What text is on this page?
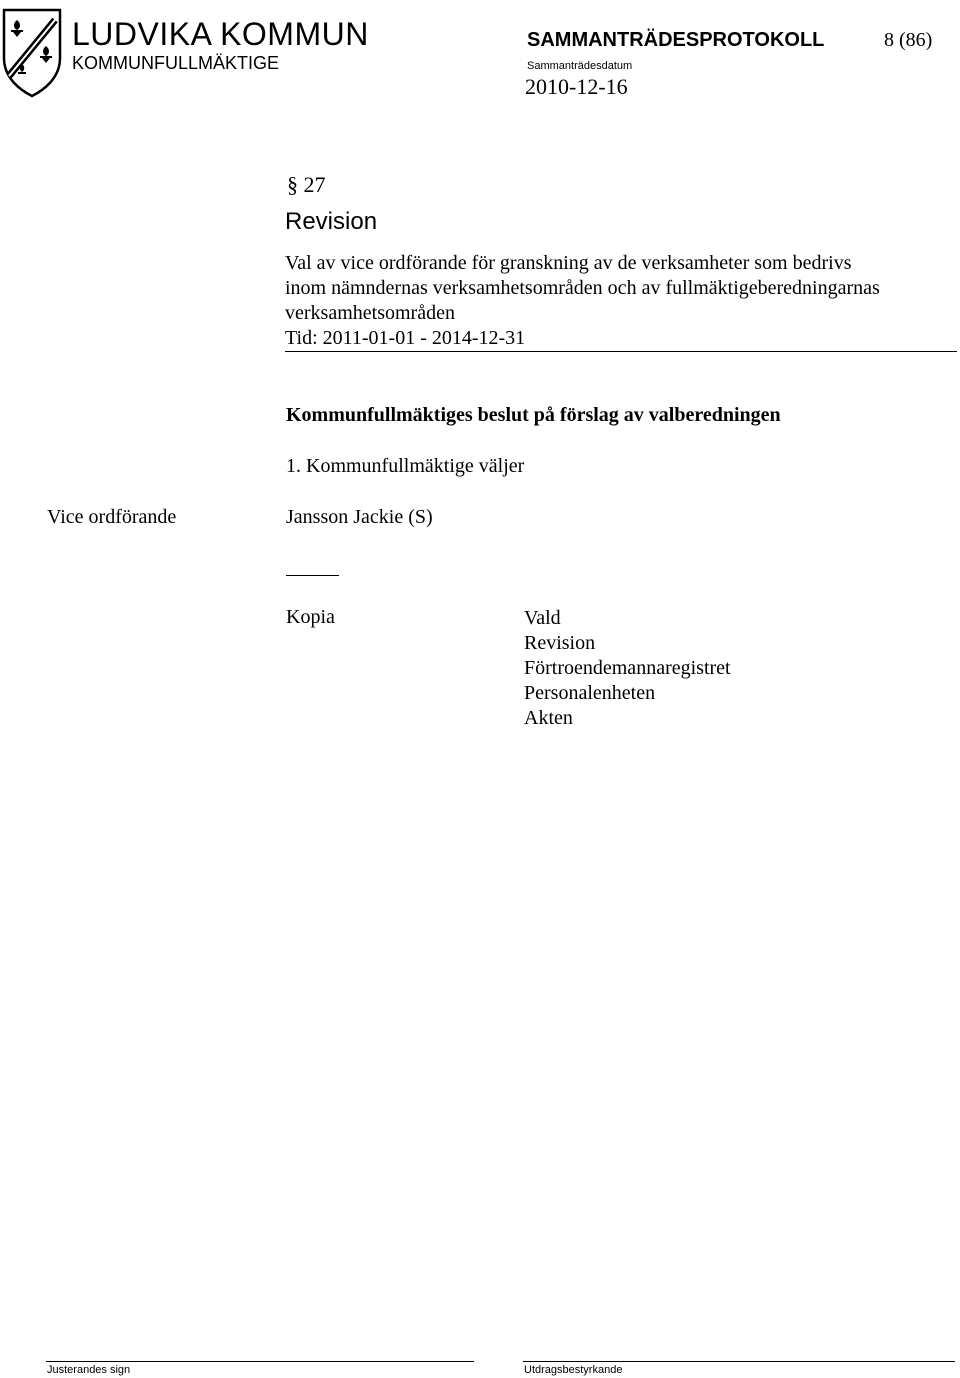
LUDVIKA KOMMUN
KOMMUNFULLMÄKTIGE
SAMMANTRÄDESPROTOKOLL	8 (86)
Sammanträdesdatum
2010-12-16
§ 27
Revision
Val av vice ordförande för granskning av de verksamheter som bedrivs
inom nämndernas verksamhetsområden och av fullmäktigeberedningarnas
verksamhetsområden
Tid: 2011-01-01 - 2014-12-31
Kommunfullmäktiges beslut på förslag av valberedningen
1. Kommunfullmäktige väljer
Vice ordförande	Jansson Jackie (S)
Kopia	Vald
Revision
Förtroendemannaregistret
Personalenheten
Akten
Justerandes sign	Utdragsbestyrkande
